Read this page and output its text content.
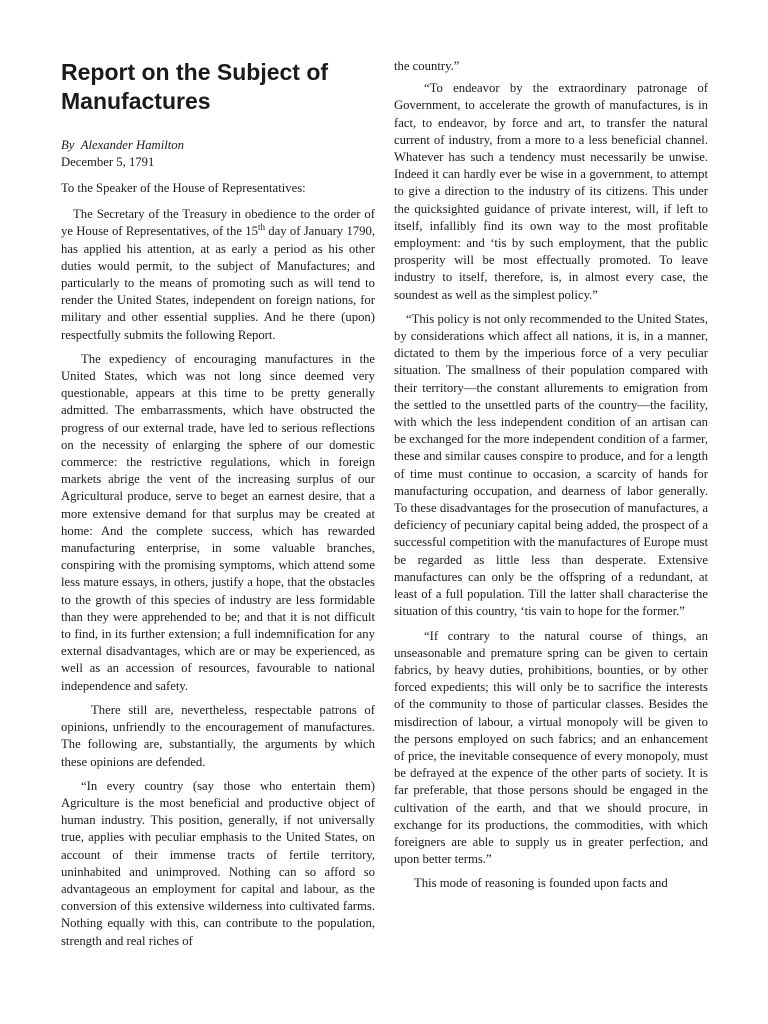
Report on the Subject of Manufactures
By Alexander Hamilton
December 5, 1791

To the Speaker of the House of Representatives:

The Secretary of the Treasury in obedience to the order of ye House of Representatives, of the 15th day of January 1790, has applied his attention, at as early a period as his other duties would permit, to the subject of Manufactures; and particularly to the means of promoting such as will tend to render the United States, independent on foreign nations, for military and other essential supplies. And he there (upon) respectfully submits the following Report.

The expediency of encouraging manufactures in the United States, which was not long since deemed very questionable, appears at this time to be pretty generally admitted. The embarrassments, which have obstructed the progress of our external trade, have led to serious reflections on the necessity of enlarging the sphere of our domestic commerce: the restrictive regulations, which in foreign markets abrige the vent of the increasing surplus of our Agricultural produce, serve to beget an earnest desire, that a more extensive demand for that surplus may be created at home: And the complete success, which has rewarded manufacturing enterprise, in some valuable branches, conspiring with the promising symptoms, which attend some less mature essays, in others, justify a hope, that the obstacles to the growth of this species of industry are less formidable than they were apprehended to be; and that it is not difficult to find, in its further extension; a full indemnification for any external disadvantages, which are or may be experienced, as well as an accession of resources, favourable to national independence and safety.

There still are, nevertheless, respectable patrons of opinions, unfriendly to the encouragement of manufactures. The following are, substantially, the arguments by which these opinions are defended.

“In every country (say those who entertain them) Agriculture is the most beneficial and productive object of human industry. This position, generally, if not universally true, applies with peculiar emphasis to the United States, on account of their immense tracts of fertile territory, uninhabited and unimproved. Nothing can so afford so advantageous an employment for capital and labour, as the conversion of this extensive wilderness into cultivated farms. Nothing equally with this, can contribute to the population, strength and real riches of

the country.”

“To endeavor by the extraordinary patronage of Government, to accelerate the growth of manufactures, is in fact, to endeavor, by force and art, to transfer the natural current of industry, from a more to a less beneficial channel. Whatever has such a tendency must necessarily be unwise. Indeed it can hardly ever be wise in a government, to attempt to give a direction to the industry of its citizens. This under the quicksighted guidance of private interest, will, if left to itself, infallibly find its own way to the most profitable employment: and ‘tis by such employment, that the public prosperity will be most effectually promoted. To leave industry to itself, therefore, is, in almost every case, the soundest as well as the simplest policy.”

“This policy is not only recommended to the United States, by considerations which affect all nations, it is, in a manner, dictated to them by the imperious force of a very peculiar situation. The smallness of their population compared with their territory—the constant allurements to emigration from the settled to the unsettled parts of the country—the facility, with which the less independent condition of an artisan can be exchanged for the more independent condition of a farmer, these and similar causes conspire to produce, and for a length of time must continue to occasion, a scarcity of hands for manufacturing occupation, and dearness of labor generally. To these disadvantages for the prosecution of manufactures, a deficiency of pecuniary capital being added, the prospect of a successful competition with the manufactures of Europe must be regarded as little less than desperate. Extensive manufactures can only be the offspring of a redundant, at least of a full population. Till the latter shall characterise the situation of this country, ‘tis vain to hope for the former.”

“If contrary to the natural course of things, an unseasonable and premature spring can be given to certain fabrics, by heavy duties, prohibitions, bounties, or by other forced expedients; this will only be to sacrifice the interests of the community to those of particular classes. Besides the misdirection of labour, a virtual monopoly will be given to the persons employed on such fabrics; and an enhancement of price, the inevitable consequence of every monopoly, must be defrayed at the expence of the other parts of society. It is far preferable, that those persons should be engaged in the cultivation of the earth, and that we should procure, in exchange for its productions, the commodities, with which foreigners are able to supply us in greater perfection, and upon better terms.”

This mode of reasoning is founded upon facts and
